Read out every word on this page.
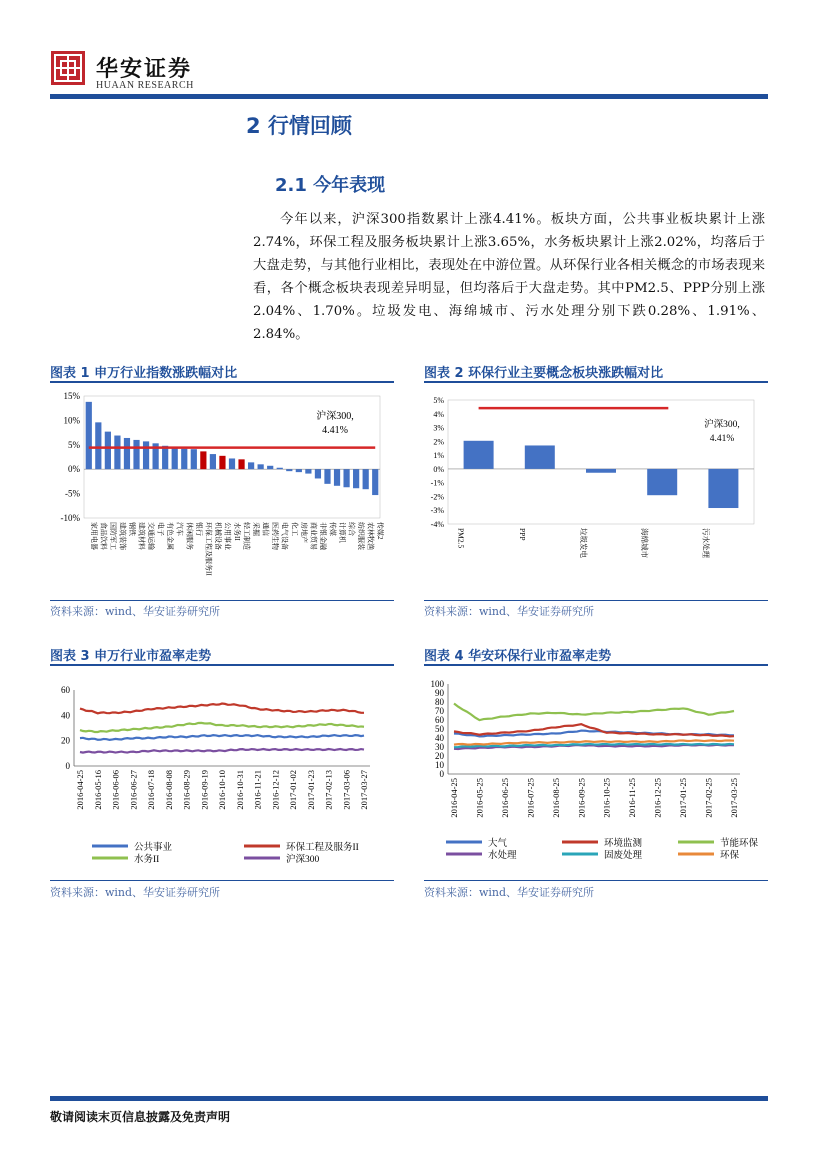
华安证券
HUAAN RESEARCH
2 行情回顾
2.1 今年表现
今年以来，沪深300指数累计上涨4.41%。板块方面，公共事业板块累计上涨2.74%，环保工程及服务板块累计上涨3.65%，水务板块累计上涨2.02%，均落后于大盘走势，与其他行业相比，表现处在中游位置。从环保行业各相关概念的市场表现来看，各个概念板块表现差异明显，但均落后于大盘走势。其中PM2.5、PPP分别上涨2.04%、1.70%。垃圾发电、海绵城市、污水处理分别下跌0.28%、1.91%、2.84%。
图表 1 申万行业指数涨跌幅对比
15%
10%
5%
0%
-5%
-10%
家用电器 食品饮料 国防军工 建筑装饰 钢铁 建筑材料 交通运输 电子 有色金属 汽车 休闲服务 银行 环保工程及服务II 机械设备 公用事业 水务II 轻工制造 采掘 通信 医药生物 电气设备 化工 房地产 商业贸易 非银金融 传媒 计算机 综合 纺织服装 农林牧渔 传媒2
沪深300,
4.41%
资料来源：wind、华安证券研究所
图表 2 环保行业主要概念板块涨跌幅对比
5%
4%
3%
2%
1%
0%
-1%
-2%
-3%
-4%
PM2.5	PPP	垃圾发电	海绵城市	污水处理
沪深300,
4.41%
资料来源：wind、华安证券研究所
图表 3 申万行业市盈率走势
60
40
20
0
2016-04-25 2016-05-16 2016-06-06 2016-06-27 2016-07-18 2016-08-08 2016-08-29 2016-09-19 2016-10-10 2016-10-31 2016-11-21 2016-12-12 2017-01-02 2017-01-23 2017-02-13 2017-03-06 2017-03-27
公共事业	环保工程及服务II
水务II	沪深300
资料来源：wind、华安证券研究所
图表 4 华安环保行业市盈率走势
100
90
80
70
60
50
40
30
20
10
0
2016-04-25 2016-05-25 2016-06-25 2016-07-25 2016-08-25 2016-09-25 2016-10-25 2016-11-25 2016-12-25 2017-01-25 2017-02-25 2017-03-25
大气	环境监测	节能环保
水处理	固废处理	环保
资料来源：wind、华安证券研究所
敬请阅读末页信息披露及免责声明
